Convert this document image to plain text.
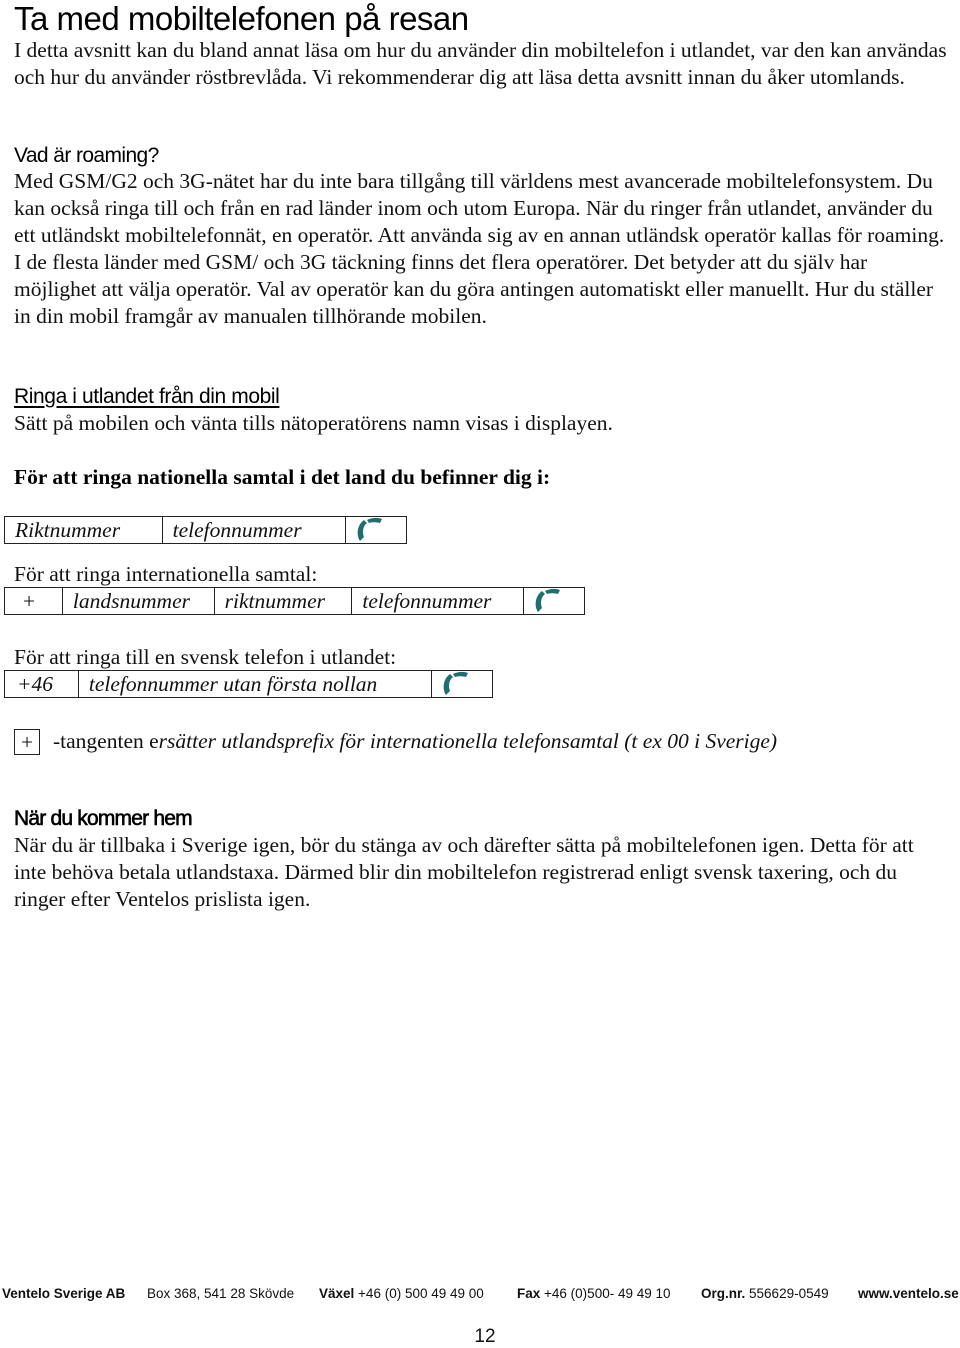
Ta med mobiltelefonen på resan
I detta avsnitt kan du bland annat läsa om hur du använder din mobiltelefon i utlandet, var den kan användas och hur du använder röstbrevlåda. Vi rekommenderar dig att läsa detta avsnitt innan du åker utomlands.
Vad är roaming?
Med GSM/G2 och 3G-nätet har du inte bara tillgång till världens mest avancerade mobiltelefonsystem. Du kan också ringa till och från en rad länder inom och utom Europa. När du ringer från utlandet, använder du ett utländskt mobiltelefonnät, en operatör. Att använda sig av en annan utländsk operatör kallas för roaming. I de flesta länder med GSM/ och 3G täckning finns det flera operatörer. Det betyder att du själv har möjlighet att välja operatör. Val av operatör kan du göra antingen automatiskt eller manuellt. Hur du ställer in din mobil framgår av manualen tillhörande mobilen.
Ringa i utlandet från din mobil
Sätt på mobilen och vänta tills nätoperatörens namn visas i displayen.
För att ringa nationella samtal i det land du befinner dig i:
Riktnummer	telefonnummer
För att ringa internationella samtal:
+	landsnummer	riktnummer	telefonnummer
För att ringa till en svensk telefon i utlandet:
+46	telefonnummer utan första nollan
+ -tangenten ersätter utlandsprefix för internationella telefonsamtal (t ex 00 i Sverige)
När du kommer hem
När du är tillbaka i Sverige igen, bör du stänga av och därefter sätta på mobiltelefonen igen. Detta för att inte behöva betala utlandstaxa. Därmed blir din mobiltelefon registrerad enligt svensk taxering, och du ringer efter Ventelos prislista igen.
Ventelo Sverige AB Box 368, 541 28 Skövde Växel +46 (0) 500 49 49 00 Fax +46 (0)500- 49 49 10 Org.nr. 556629-0549 www.ventelo.se
12
